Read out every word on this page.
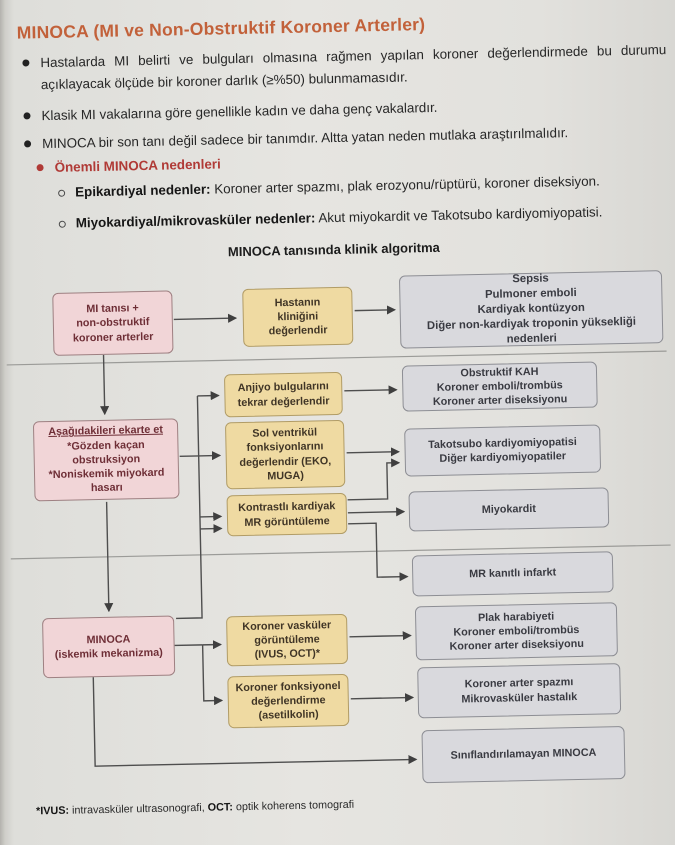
MINOCA (MI ve Non-Obstruktif Koroner Arterler)
Hastalarda MI belirti ve bulguları olmasına rağmen yapılan koroner değerlendirmede bu durumu açıklayacak ölçüde bir koroner darlık (≥%50) bulunmamasıdır.
Klasik MI vakalarına göre genellikle kadın ve daha genç vakalardır.
MINOCA bir son tanı değil sadece bir tanımdır. Altta yatan neden mutlaka araştırılmalıdır.
Önemli MINOCA nedenleri
Epikardiyal nedenler: Koroner arter spazmı, plak erozyonu/rüptürü, koroner diseksiyon.
Miyokardiyal/mikrovasküler nedenler: Akut miyokardit ve Takotsubo kardiyomiyopatisi.
MINOCA tanısında klinik algoritma
MI tanısı +
non-obstruktif
koroner arterler
Hastanın
kliniğini
değerlendir
Sepsis
Pulmoner emboli
Kardiyak kontüzyon
Diğer non-kardiyak troponin yüksekliği nedenleri
Aşağıdakileri ekarte et
*Gözden kaçan
obstruksiyon
*Noniskemik miyokard
hasarı
Anjiyo bulgularını
tekrar değerlendir
Obstruktif KAH
Koroner emboli/trombüs
Koroner arter diseksiyonu
Sol ventrikül
fonksiyonlarını
değerlendir (EKO,
MUGA)
Takotsubo kardiyomiyopatisi
Diğer kardiyomiyopatiler
Kontrastlı kardiyak
MR görüntüleme
Miyokardit
MR kanıtlı infarkt
MINOCA
(iskemik mekanizma)
Koroner vasküler
görüntüleme
(IVUS, OCT)*
Plak harabiyeti
Koroner emboli/trombüs
Koroner arter diseksiyonu
Koroner fonksiyonel
değerlendirme
(asetilkolin)
Koroner arter spazmı
Mikrovasküler hastalık
Sınıflandırılamayan MINOCA
*IVUS: intravasküler ultrasonografi, OCT: optik koherens tomografi
